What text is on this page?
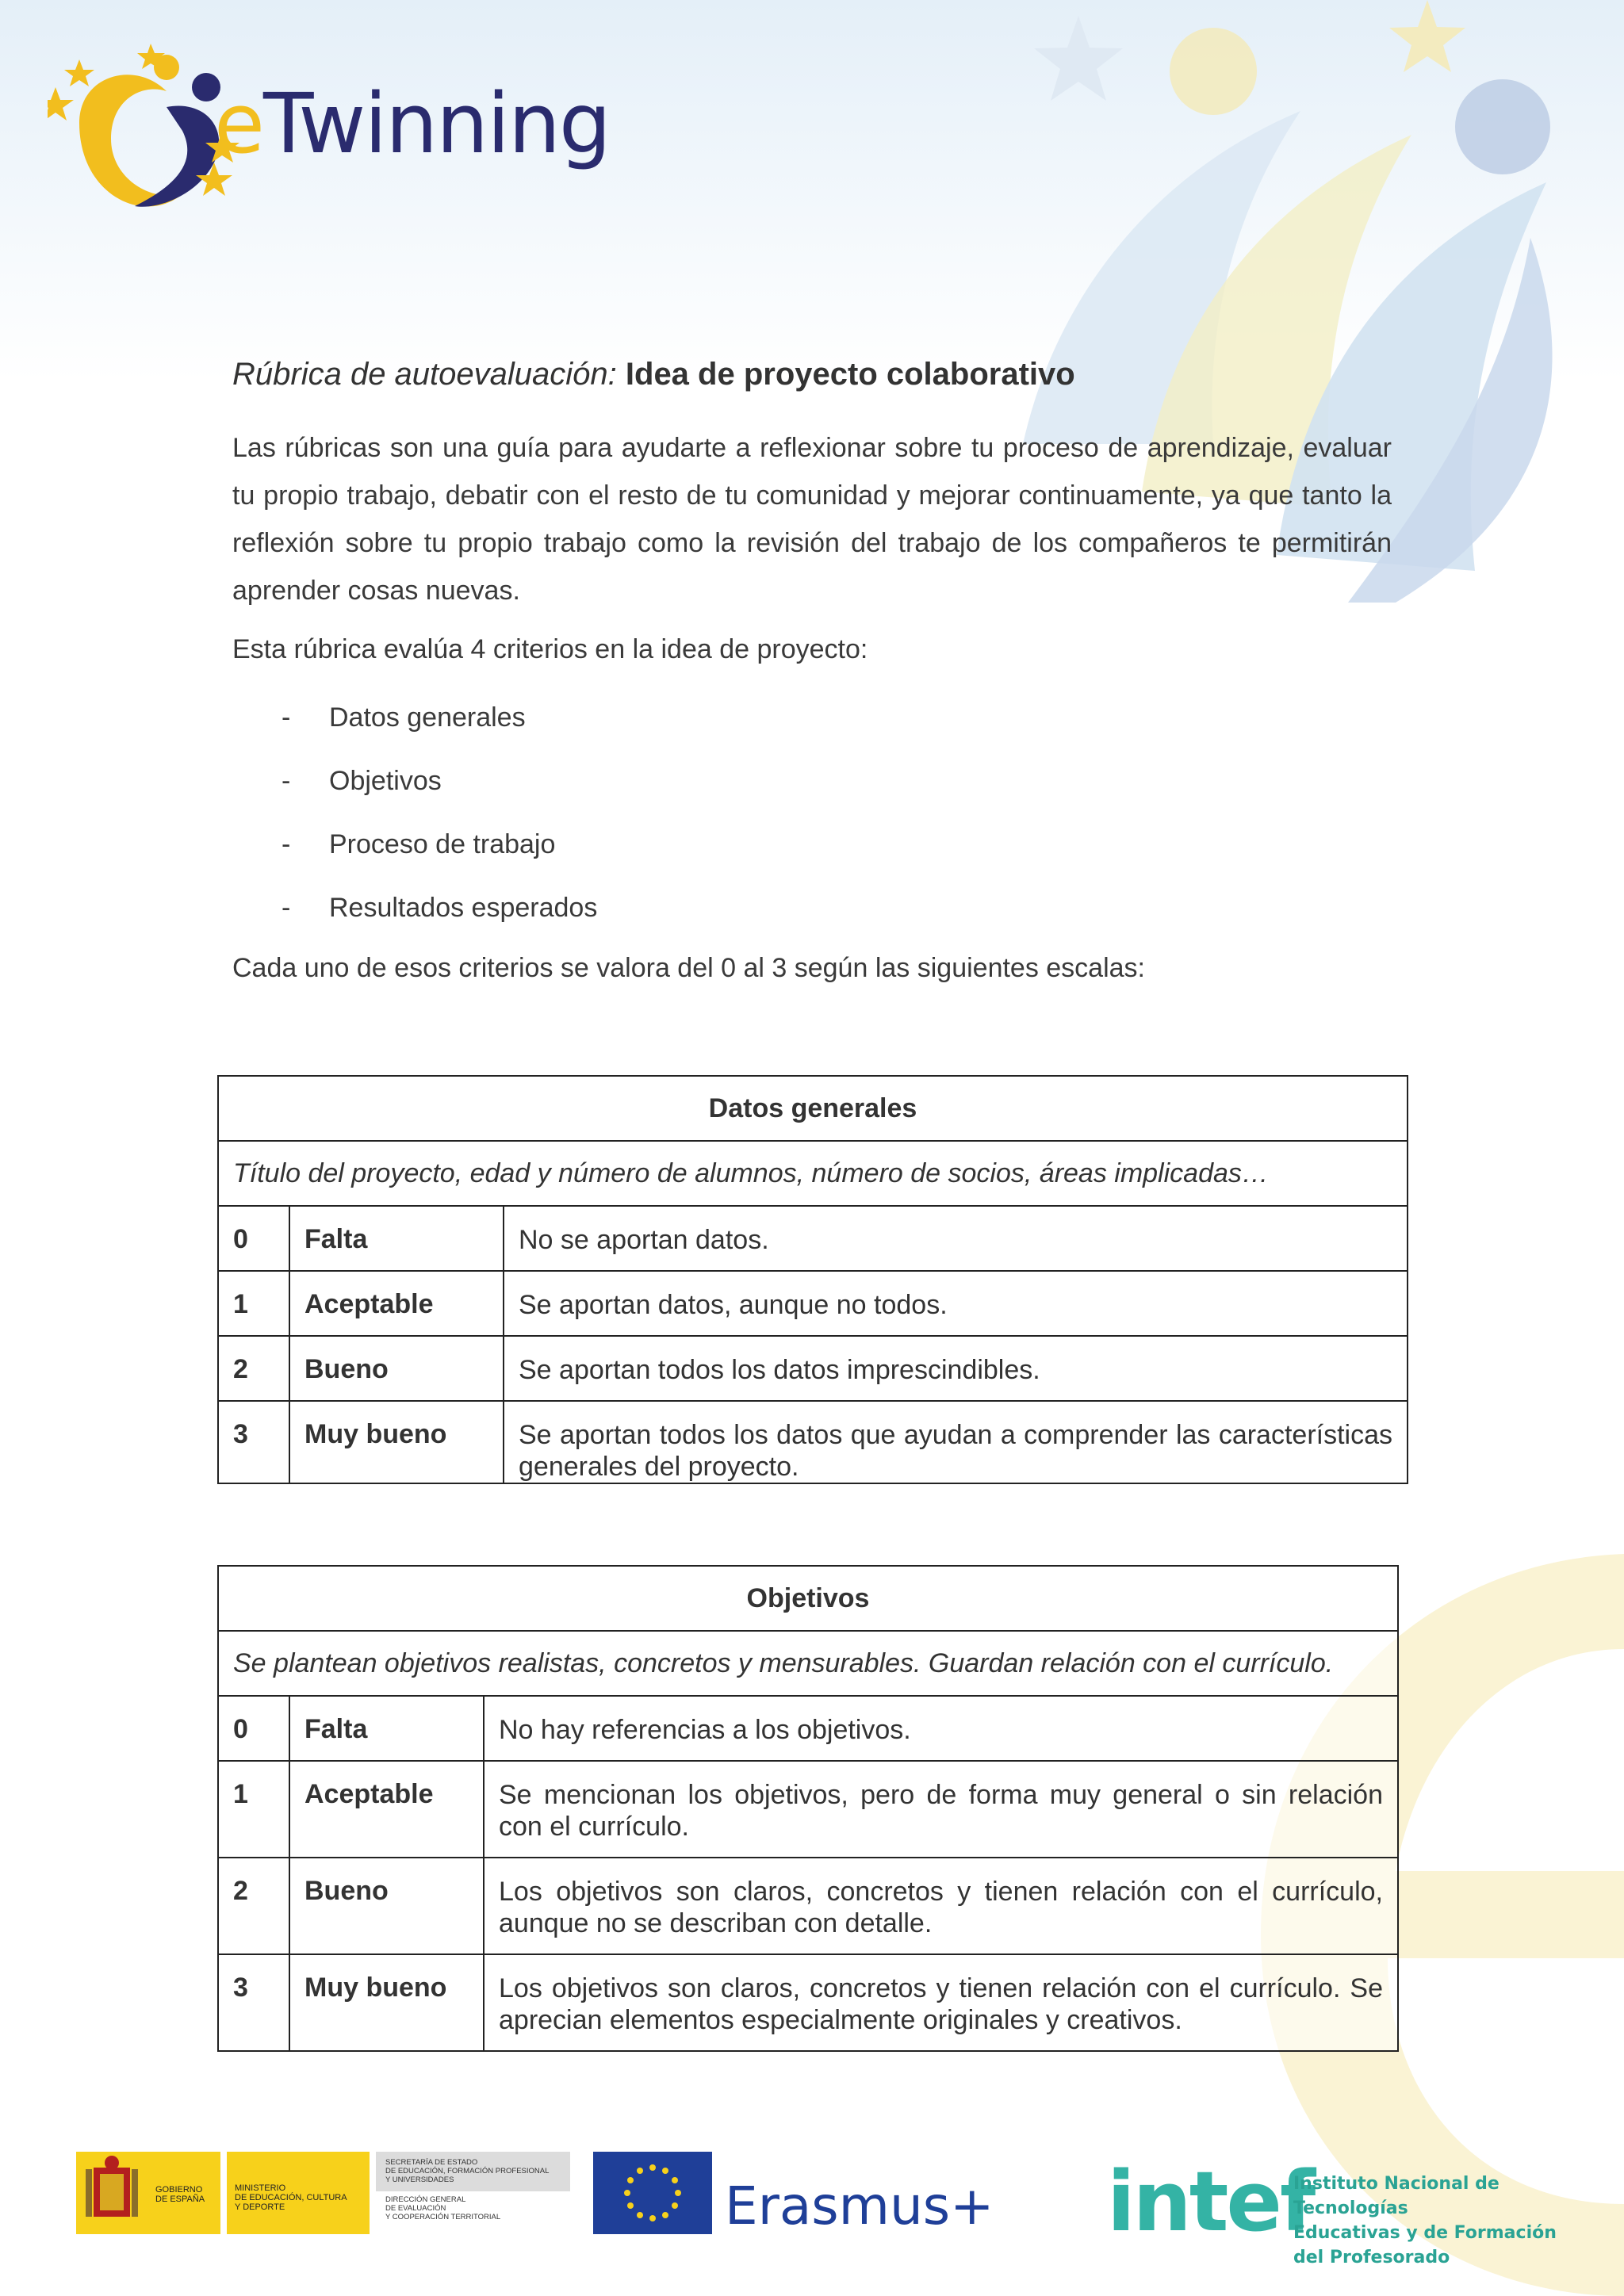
eTwinning
Rúbrica de autoevaluación: Idea de proyecto colaborativo
Las rúbricas son una guía para ayudarte a reflexionar sobre tu proceso de aprendizaje, evaluar tu propio trabajo, debatir con el resto de tu comunidad y mejorar continuamente, ya que tanto la reflexión sobre tu propio trabajo como la revisión del trabajo de los compañeros te permitirán aprender cosas nuevas.
Esta rúbrica evalúa 4 criterios en la idea de proyecto:
-	Datos generales
-	Objetivos
-	Proceso de trabajo
-	Resultados esperados
Cada uno de esos criterios se valora del 0 al 3 según las siguientes escalas:
Datos generales		
Título del proyecto, edad y número de alumnos, número de socios, áreas implicadas…		
0	Falta	No se aportan datos.
1	Aceptable	Se aportan datos, aunque no todos.
2	Bueno	Se aportan todos los datos imprescindibles.
3	Muy bueno	Se aportan todos los datos que ayudan a comprender las características generales del proyecto.
Objetivos		
Se plantean objetivos realistas, concretos y mensurables. Guardan relación con el currículo.		
0	Falta	No hay referencias a los objetivos.
1	Aceptable	Se mencionan los objetivos, pero de forma muy general o sin relación con el currículo.
2	Bueno	Los objetivos son claros, concretos y tienen relación con el currículo, aunque no se describan con detalle.
3	Muy bueno	Los objetivos son claros, concretos y tienen relación con el currículo. Se aprecian elementos especialmente originales y creativos.
GOBIERNO
DE ESPAÑA
MINISTERIO
DE EDUCACIÓN, CULTURA
Y DEPORTE
SECRETARÍA DE ESTADO
DE EDUCACIÓN, FORMACIÓN PROFESIONAL
Y UNIVERSIDADES
DIRECCIÓN GENERAL
DE EVALUACIÓN
Y COOPERACIÓN TERRITORIAL	Erasmus+ intef
Instituto Nacional de Tecnologías
Educativas y de Formación
del Profesorado
